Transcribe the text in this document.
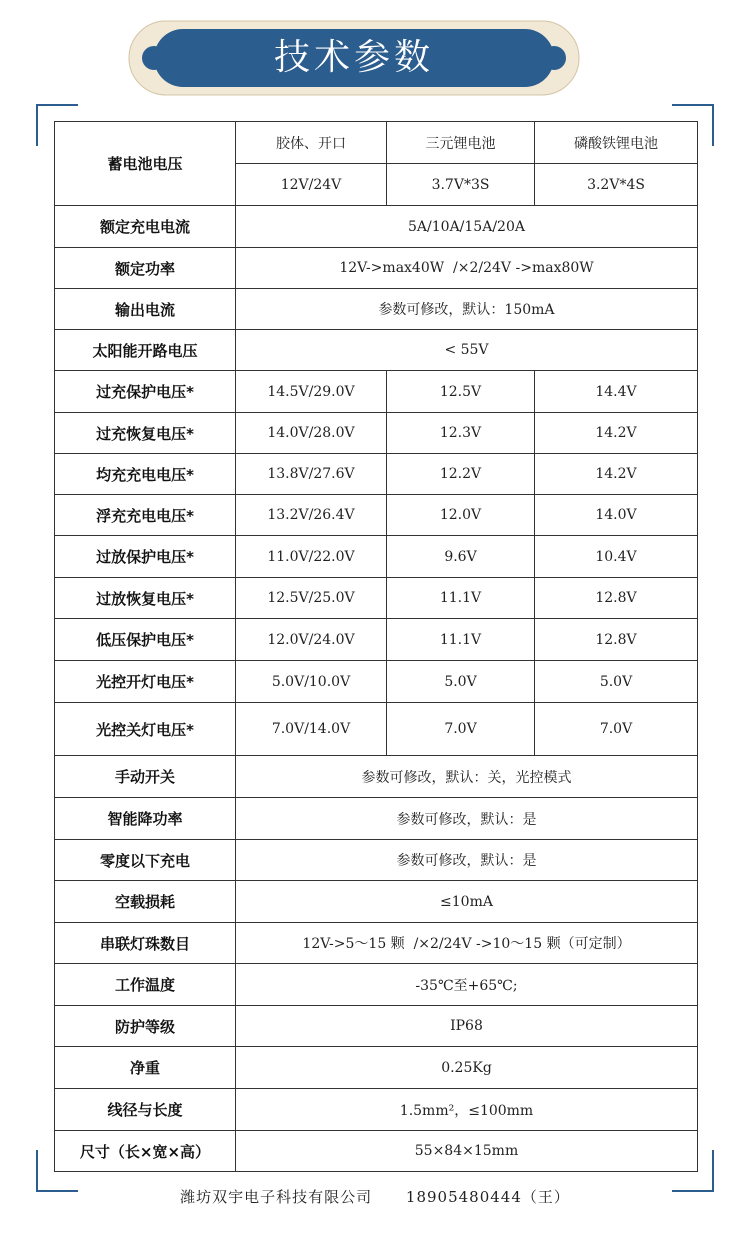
技术参数
蓄电池电压	胶体、开口	三元锂电池	磷酸铁锂电池
	12V/24V	3.7V*3S	3.2V*4S
额定充电电流	5A/10A/15A/20A		
额定功率	12V->max40W  /×2/24V ->max80W		
输出电流	参数可修改，默认：150mA		
太阳能开路电压	< 55V		
过充保护电压*	14.5V/29.0V	12.5V	14.4V
过充恢复电压*	14.0V/28.0V	12.3V	14.2V
均充充电电压*	13.8V/27.6V	12.2V	14.2V
浮充充电电压*	13.2V/26.4V	12.0V	14.0V
过放保护电压*	11.0V/22.0V	9.6V	10.4V
过放恢复电压*	12.5V/25.0V	11.1V	12.8V
低压保护电压*	12.0V/24.0V	11.1V	12.8V
光控开灯电压*	5.0V/10.0V	5.0V	5.0V
光控关灯电压*	7.0V/14.0V	7.0V	7.0V
手动开关	参数可修改，默认：关，光控模式		
智能降功率	参数可修改，默认：是		
零度以下充电	参数可修改，默认：是		
空载损耗	≤10mA		
串联灯珠数目	12V->5～15 颗  /×2/24V ->10～15 颗（可定制）		
工作温度	-35℃至+65℃;		
防护等级	IP68		
净重	0.25Kg		
线径与长度	1.5mm²，≤100mm		
尺寸（长×宽×高）	55×84×15mm		
潍坊双宇电子科技有限公司 18905480444（王）
